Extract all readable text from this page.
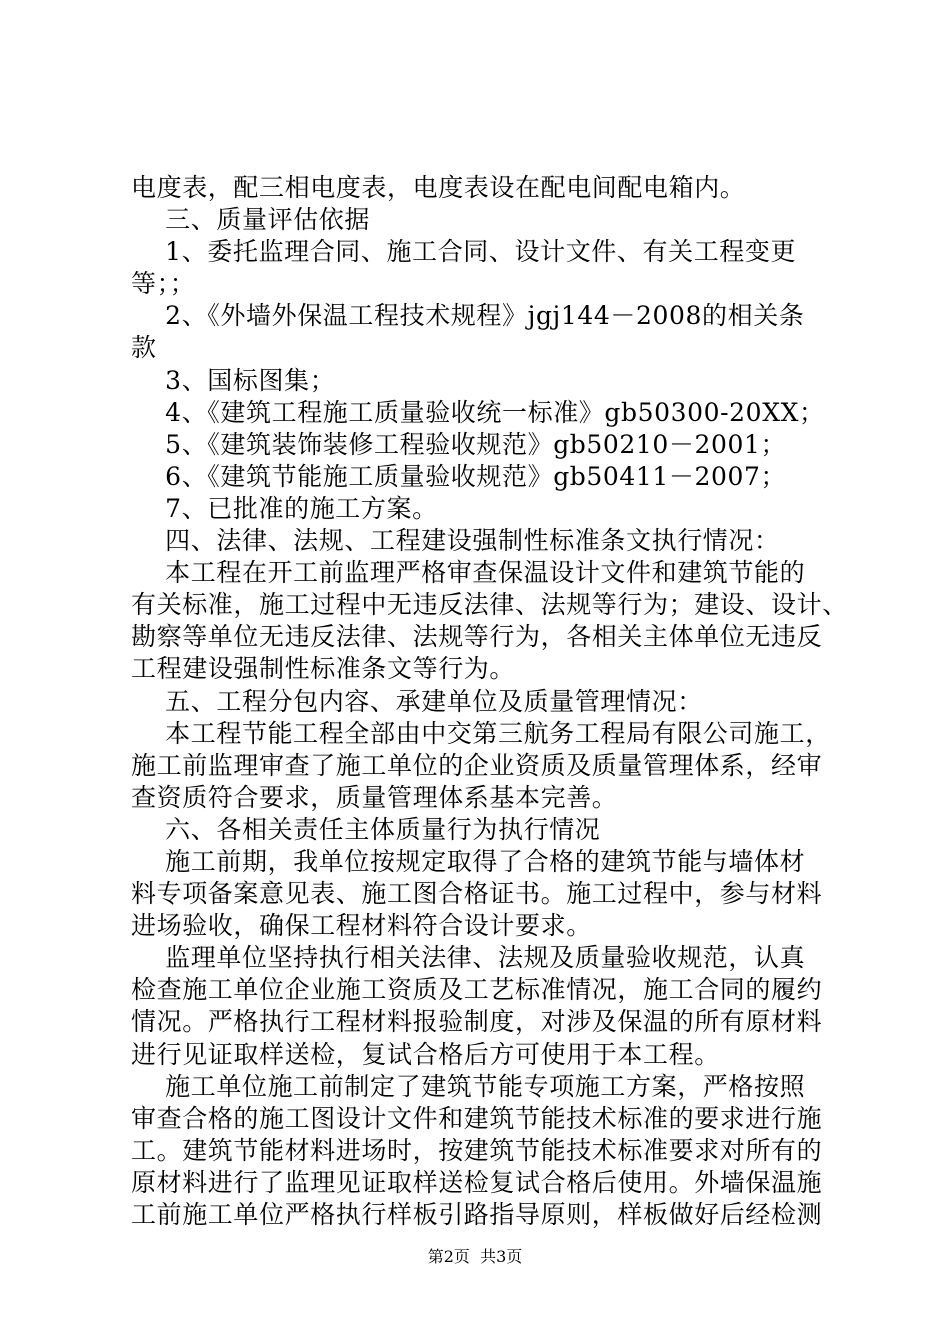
电度表，配三相电度表，电度表设在配电间配电箱内。
三、质量评估依据
1、委托监理合同、施工合同、设计文件、有关工程变更
等；；
2、《外墙外保温工程技术规程》jgj144－2008的相关条
款
3、国标图集；
4、《建筑工程施工质量验收统一标准》gb50300-20XX；
5、《建筑装饰装修工程验收规范》gb50210－2001；
6、《建筑节能施工质量验收规范》gb50411－2007；
7、已批准的施工方案。
四、法律、法规、工程建设强制性标准条文执行情况：
本工程在开工前监理严格审查保温设计文件和建筑节能的
有关标准，施工过程中无违反法律、法规等行为；建设、设计、
勘察等单位无违反法律、法规等行为，各相关主体单位无违反
工程建设强制性标准条文等行为。
五、工程分包内容、承建单位及质量管理情况：
本工程节能工程全部由中交第三航务工程局有限公司施工，
施工前监理审查了施工单位的企业资质及质量管理体系，经审
查资质符合要求，质量管理体系基本完善。
六、各相关责任主体质量行为执行情况
施工前期，我单位按规定取得了合格的建筑节能与墙体材
料专项备案意见表、施工图合格证书。施工过程中，参与材料
进场验收，确保工程材料符合设计要求。
监理单位坚持执行相关法律、法规及质量验收规范，认真
检查施工单位企业施工资质及工艺标准情况，施工合同的履约
情况。严格执行工程材料报验制度，对涉及保温的所有原材料
进行见证取样送检，复试合格后方可使用于本工程。
施工单位施工前制定了建筑节能专项施工方案，严格按照
审查合格的施工图设计文件和建筑节能技术标准的要求进行施
工。建筑节能材料进场时，按建筑节能技术标准要求对所有的
原材料进行了监理见证取样送检复试合格后使用。外墙保温施
工前施工单位严格执行样板引路指导原则，样板做好后经检测
第2页  共3页
